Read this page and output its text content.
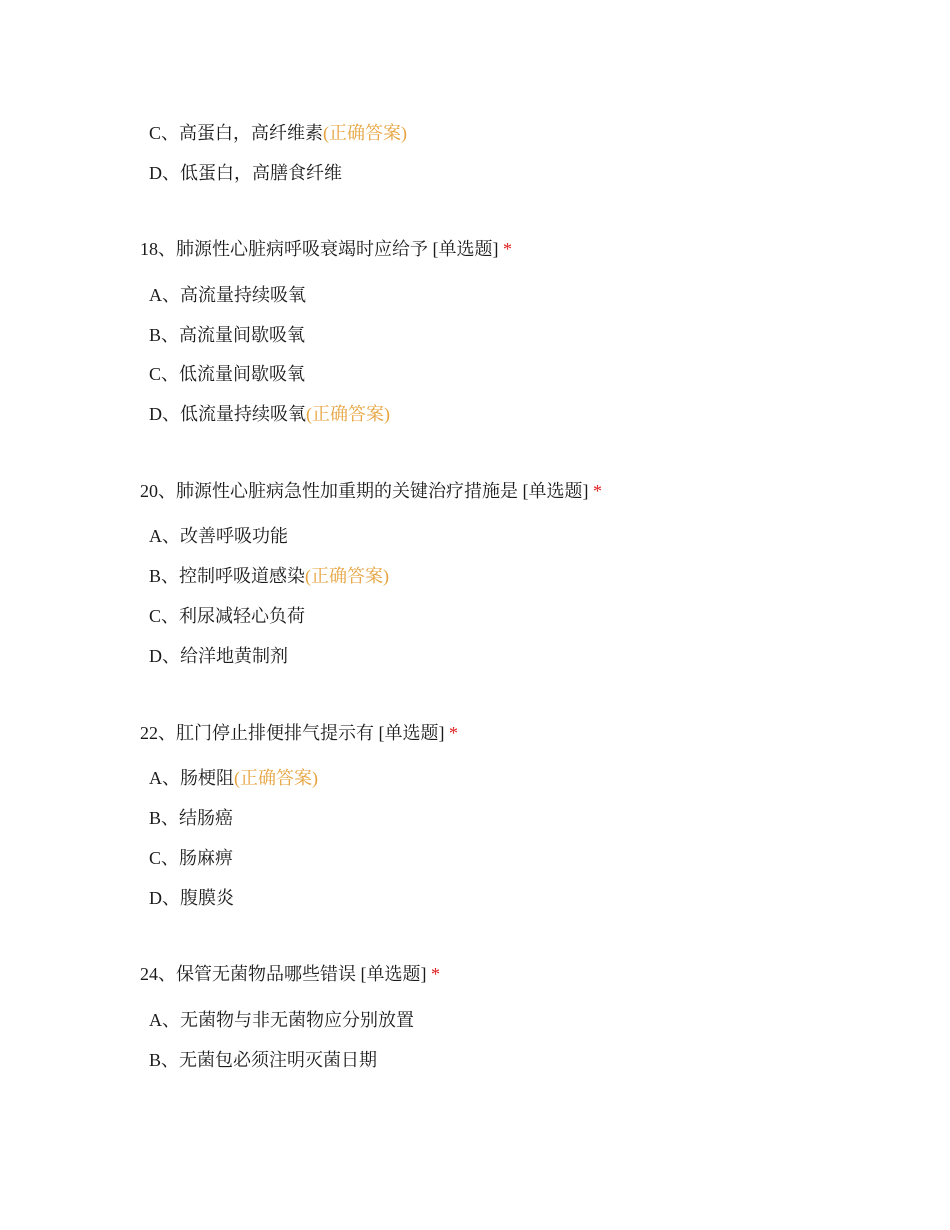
C、高蛋白，高纤维素(正确答案)
D、低蛋白，高膳食纤维
18、肺源性心脏病呼吸衰竭时应给予 [单选题] *
A、高流量持续吸氧
B、高流量间歇吸氧
C、低流量间歇吸氧
D、低流量持续吸氧(正确答案)
20、肺源性心脏病急性加重期的关键治疗措施是 [单选题] *
A、改善呼吸功能
B、控制呼吸道感染(正确答案)
C、利尿减轻心负荷
D、给洋地黄制剂
22、肛门停止排便排气提示有 [单选题] *
A、肠梗阻(正确答案)
B、结肠癌
C、肠麻痹
D、腹膜炎
24、保管无菌物品哪些错误 [单选题] *
A、无菌物与非无菌物应分别放置
B、无菌包必须注明灭菌日期
